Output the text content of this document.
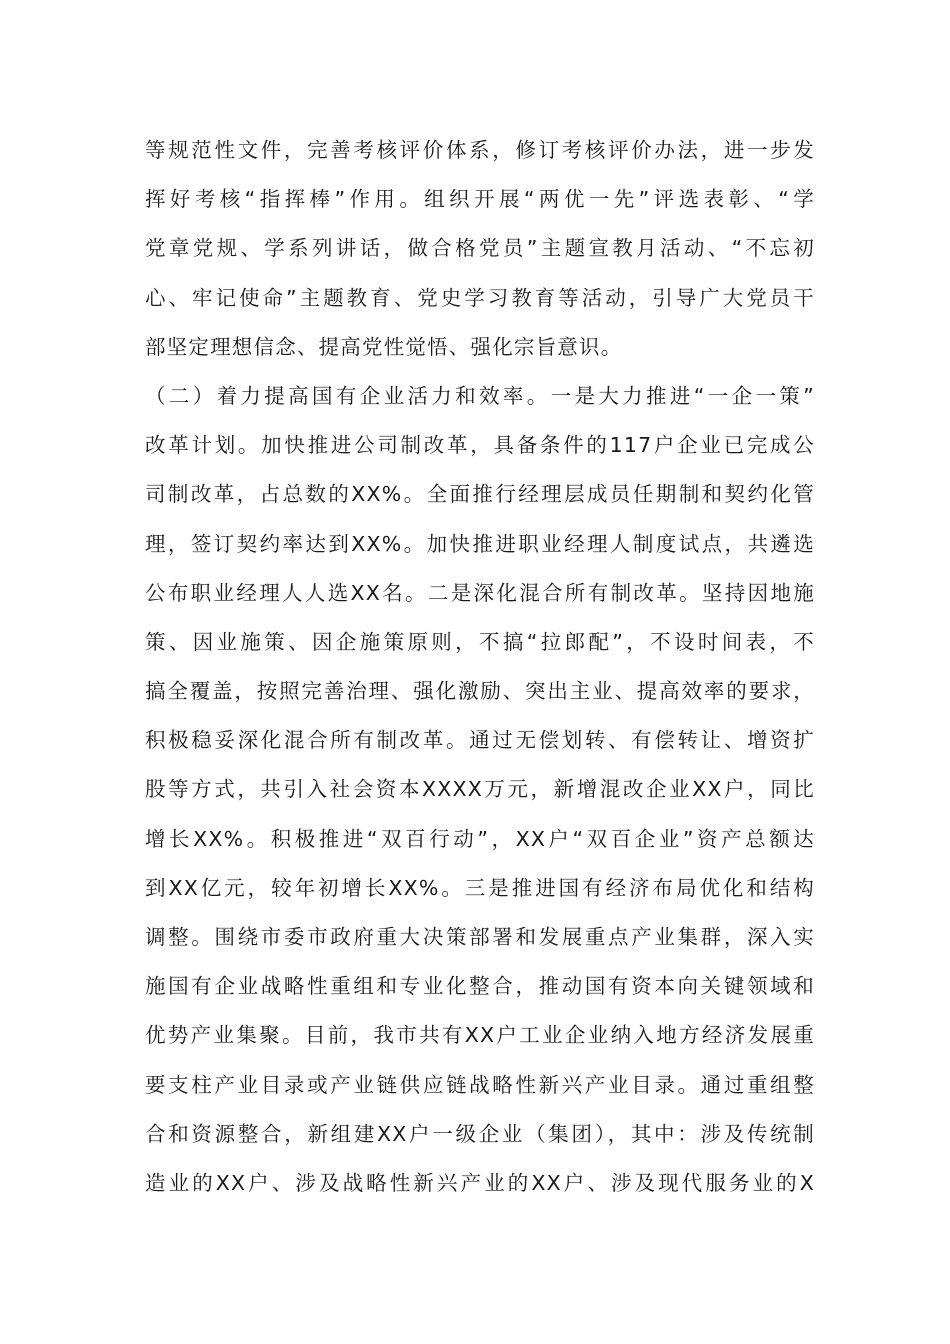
等规范性文件，完善考核评价体系，修订考核评价办法，进一步发
挥好考核“指挥棒”作用。组织开展“两优一先”评选表彰、“学
党章党规、学系列讲话，做合格党员”主题宣教月活动、“不忘初
心、牢记使命”主题教育、党史学习教育等活动，引导广大党员干
部坚定理想信念、提高党性觉悟、强化宗旨意识。
（二）着力提高国有企业活力和效率。一是大力推进“一企一策”
改革计划。加快推进公司制改革，具备条件的117户企业已完成公
司制改革，占总数的XX%。全面推行经理层成员任期制和契约化管
理，签订契约率达到XX%。加快推进职业经理人制度试点，共遴选
公布职业经理人人选XX名。二是深化混合所有制改革。坚持因地施
策、因业施策、因企施策原则，不搞“拉郎配”，不设时间表，不
搞全覆盖，按照完善治理、强化激励、突出主业、提高效率的要求，
积极稳妥深化混合所有制改革。通过无偿划转、有偿转让、增资扩
股等方式，共引入社会资本XXXX万元，新增混改企业XX户，同比
增长XX%。积极推进“双百行动”，XX户“双百企业”资产总额达
到XX亿元，较年初增长XX%。三是推进国有经济布局优化和结构
调整。围绕市委市政府重大决策部署和发展重点产业集群，深入实
施国有企业战略性重组和专业化整合，推动国有资本向关键领域和
优势产业集聚。目前，我市共有XX户工业企业纳入地方经济发展重
要支柱产业目录或产业链供应链战略性新兴产业目录。通过重组整
合和资源整合，新组建XX户一级企业（集团），其中：涉及传统制
造业的XX户、涉及战略性新兴产业的XX户、涉及现代服务业的X
